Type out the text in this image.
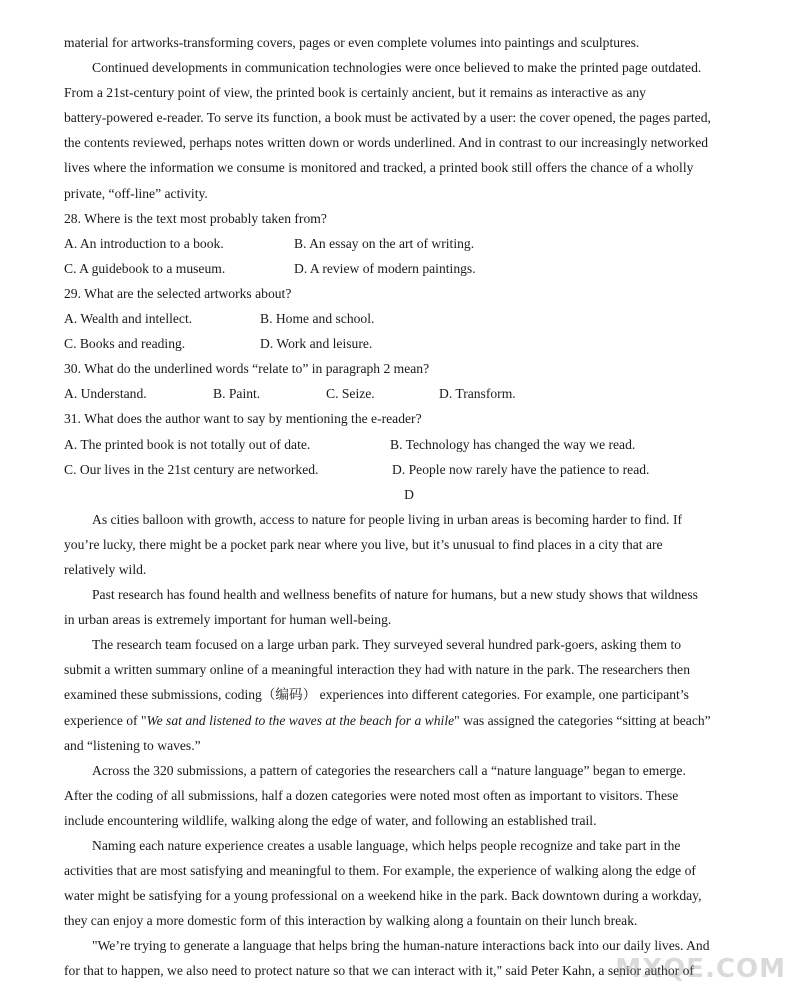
material for artworks-transforming covers, pages or even complete volumes into paintings and sculptures.
Continued developments in communication technologies were once believed to make the printed page outdated.
From a 21st-century point of view, the printed book is certainly ancient, but it remains as interactive as any
battery-powered e-reader. To serve its function, a book must be activated by a user: the cover opened, the pages parted,
the contents reviewed, perhaps notes written down or words underlined. And in contrast to our increasingly networked
lives where the information we consume is monitored and tracked, a printed book still offers the chance of a wholly
private, “off-line” activity.
28. Where is the text most probably taken from?
A. An introduction to a book.	B. An essay on the art of writing.
C. A guidebook to a museum.	D. A review of modern paintings.
29. What are the selected artworks about?
A. Wealth and intellect.	B. Home and school.
C. Books and reading.	D. Work and leisure.
30. What do the underlined words “relate to” in paragraph 2 mean?
A. Understand.	B. Paint.	C. Seize.	D. Transform.
31. What does the author want to say by mentioning the e-reader?
A. The printed book is not totally out of date.	B. Technology has changed the way we read.
C. Our lives in the 21st century are networked.	D. People now rarely have the patience to read.
D
As cities balloon with growth, access to nature for people living in urban areas is becoming harder to find. If
you’re lucky, there might be a pocket park near where you live, but it’s unusual to find places in a city that are
relatively wild.
Past research has found health and wellness benefits of nature for humans, but a new study shows that wildness
in urban areas is extremely important for human well-being.
The research team focused on a large urban park. They surveyed several hundred park-goers, asking them to
submit a written summary online of a meaningful interaction they had with nature in the park. The researchers then
examined these submissions, coding（编码） experiences into different categories. For example, one participant’s
experience of "We sat and listened to the waves at the beach for a while" was assigned the categories “sitting at beach”
and “listening to waves.”
Across the 320 submissions, a pattern of categories the researchers call a “nature language” began to emerge.
After the coding of all submissions, half a dozen categories were noted most often as important to visitors. These
include encountering wildlife, walking along the edge of water, and following an established trail.
Naming each nature experience creates a usable language, which helps people recognize and take part in the
activities that are most satisfying and meaningful to them. For example, the experience of walking along the edge of
water might be satisfying for a young professional on a weekend hike in the park. Back downtown during a workday,
they can enjoy a more domestic form of this interaction by walking along a fountain on their lunch break.
"We’re trying to generate a language that helps bring the human-nature interactions back into our daily lives. And
for that to happen, we also need to protect nature so that we can interact with it," said Peter Kahn, a senior author of
MXQE.COM
